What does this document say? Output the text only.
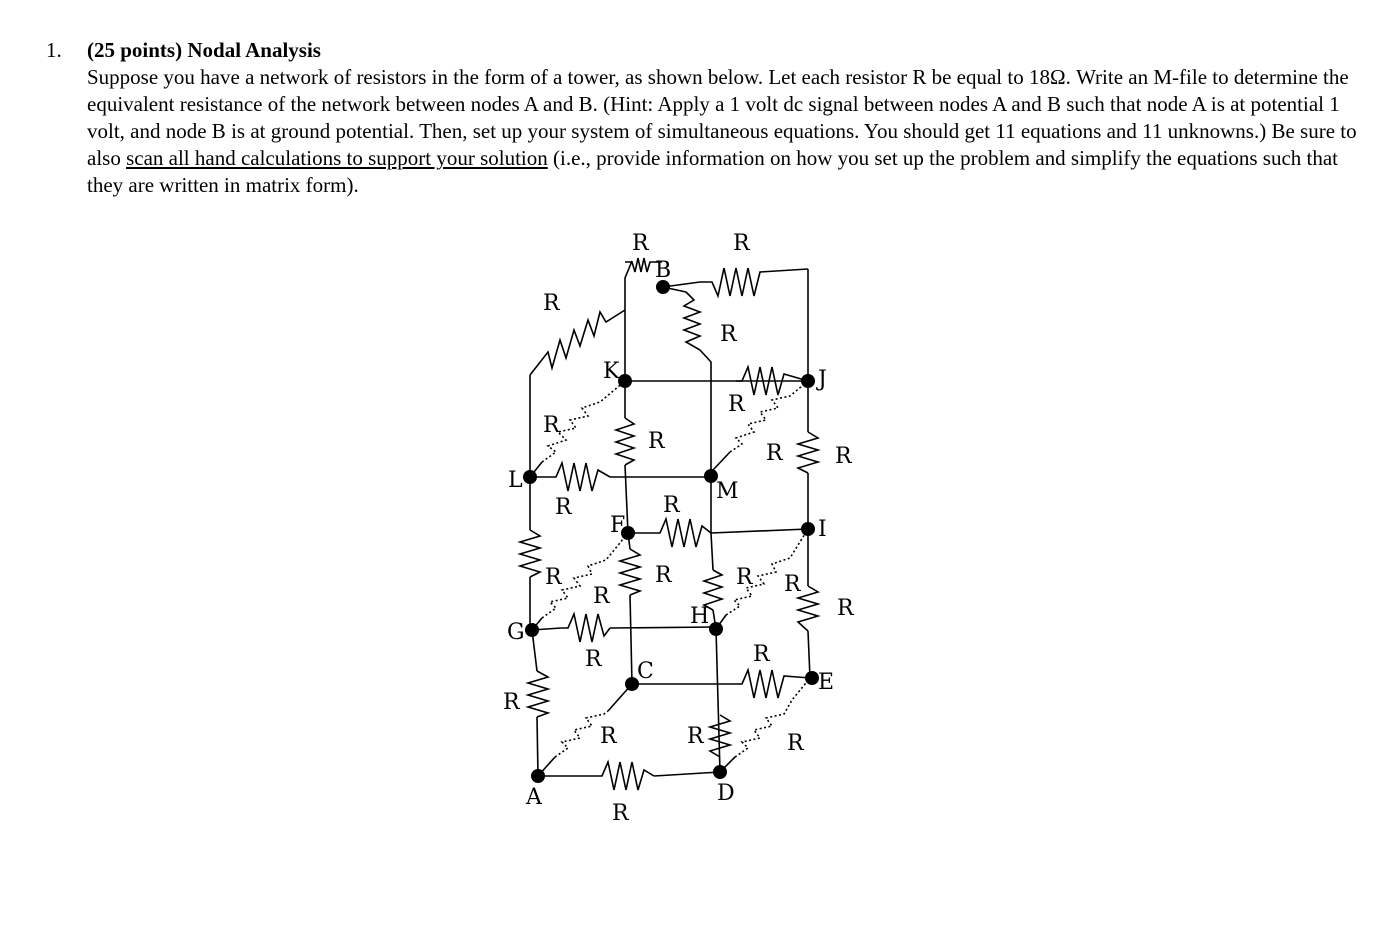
1. (25 points) Nodal Analysis
Suppose you have a network of resistors in the form of a tower, as shown below. Let each resistor R be equal to 18Ω. Write an M-file to determine the equivalent resistance of the network between nodes A and B. (Hint: Apply a 1 volt dc signal between nodes A and B such that node A is at potential 1 volt, and node B is at ground potential. Then, set up your system of simultaneous equations. You should get 11 equations and 11 unknowns.) Be sure to also scan all hand calculations to support your solution (i.e., provide information on how you set up the problem and simplify the equations such that they are written in matrix form).
B
K	J
L	M
F	I
G
H
C	E
A	D
R	R
R
R
R
R
R	R R
R	R
R
R
R	R R
R
R	R
R
R	R	R
R
